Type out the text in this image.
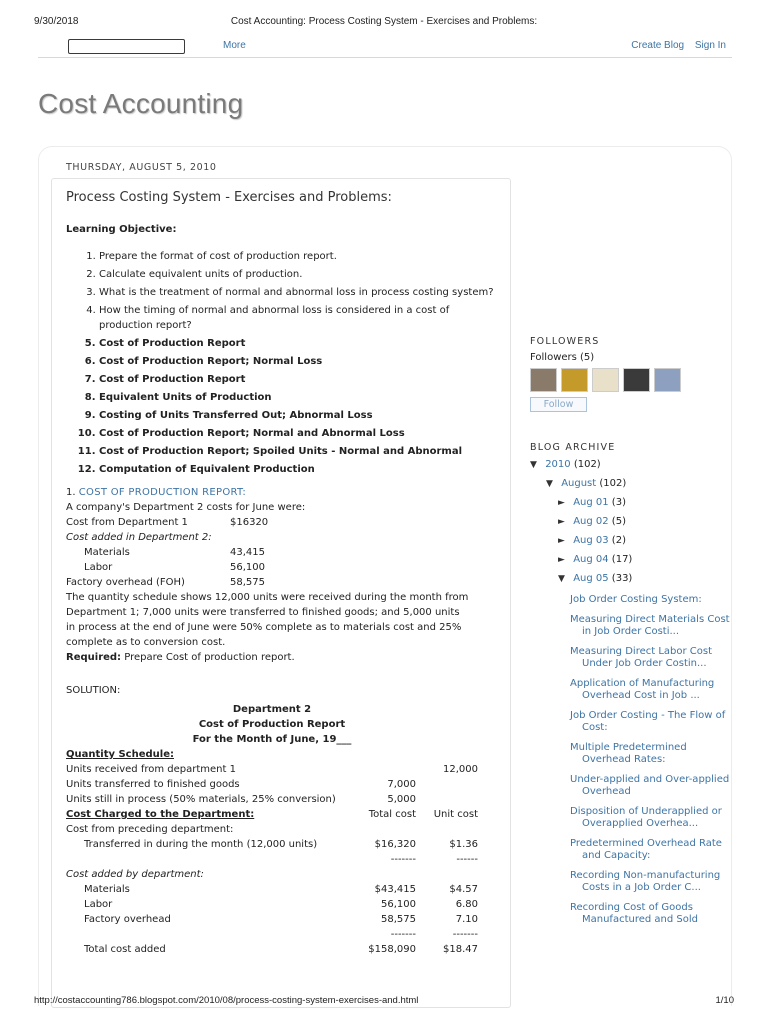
9/30/2018	Cost Accounting: Process Costing System - Exercises and Problems:
More	Create Blog Sign In
Cost Accounting
THURSDAY, AUGUST 5, 2010
Process Costing System - Exercises and Problems:
Learning Objective:
1. Prepare the format of cost of production report.
2. Calculate equivalent units of production.
3. What is the treatment of normal and abnormal loss in process costing system?
4. How the timing of normal and abnormal loss is considered in a cost of production report?
5. Cost of Production Report
6. Cost of Production Report; Normal Loss
7. Cost of Production Report
8. Equivalent Units of Production
9. Costing of Units Transferred Out; Abnormal Loss
10. Cost of Production Report; Normal and Abnormal Loss
11. Cost of Production Report; Spoiled Units - Normal and Abnormal
12. Computation of Equivalent Production
1. COST OF PRODUCTION REPORT:
A company's Department 2 costs for June were:
Cost from Department 1	$16320
Cost added in Department 2:
Materials	43,415
Labor	56,100
Factory overhead (FOH)	58,575
The quantity schedule shows 12,000 units were received during the month from
Department 1; 7,000 units were transferred to finished goods; and 5,000 units
in process at the end of June were 50% complete as to materials cost and 25%
complete as to conversion cost.
Required: Prepare Cost of production report.
SOLUTION:
Department 2
Cost of Production Report
For the Month of June, 19___
Quantity Schedule:		
Units received from department 1		12,000
Units transferred to finished goods	7,000	
Units still in process (50% materials, 25% conversion)	5,000	
Cost Charged to the Department:	Total cost	Unit cost
Cost from preceding department:		
Transferred in during the month (12,000 units)	$16,320	$1.36
	-------	------
Cost added by department:		
Materials	$43,415	$4.57
Labor	56,100	6.80
Factory overhead	58,575	7.10
	-------	-------
Total cost added	$158,090	$18.47
FOLLOWERS
Followers (5)
Follow
BLOG ARCHIVE
▼ 2010 (102)
▼ August (102)
► Aug 01 (3)
► Aug 02 (5)
► Aug 03 (2)
► Aug 04 (17)
▼ Aug 05 (33)
Job Order Costing System:
Measuring Direct Materials Cost in Job Order Costi...
Measuring Direct Labor Cost Under Job Order Costin...
Application of Manufacturing Overhead Cost in Job ...
Job Order Costing - The Flow of Cost:
Multiple Predetermined Overhead Rates:
Under-applied and Over-applied Overhead
Disposition of Underapplied or Overapplied Overhea...
Predetermined Overhead Rate and Capacity:
Recording Non-manufacturing Costs in a Job Order C...
Recording Cost of Goods Manufactured and Sold
http://costaccounting786.blogspot.com/2010/08/process-costing-system-exercises-and.html	1/10
